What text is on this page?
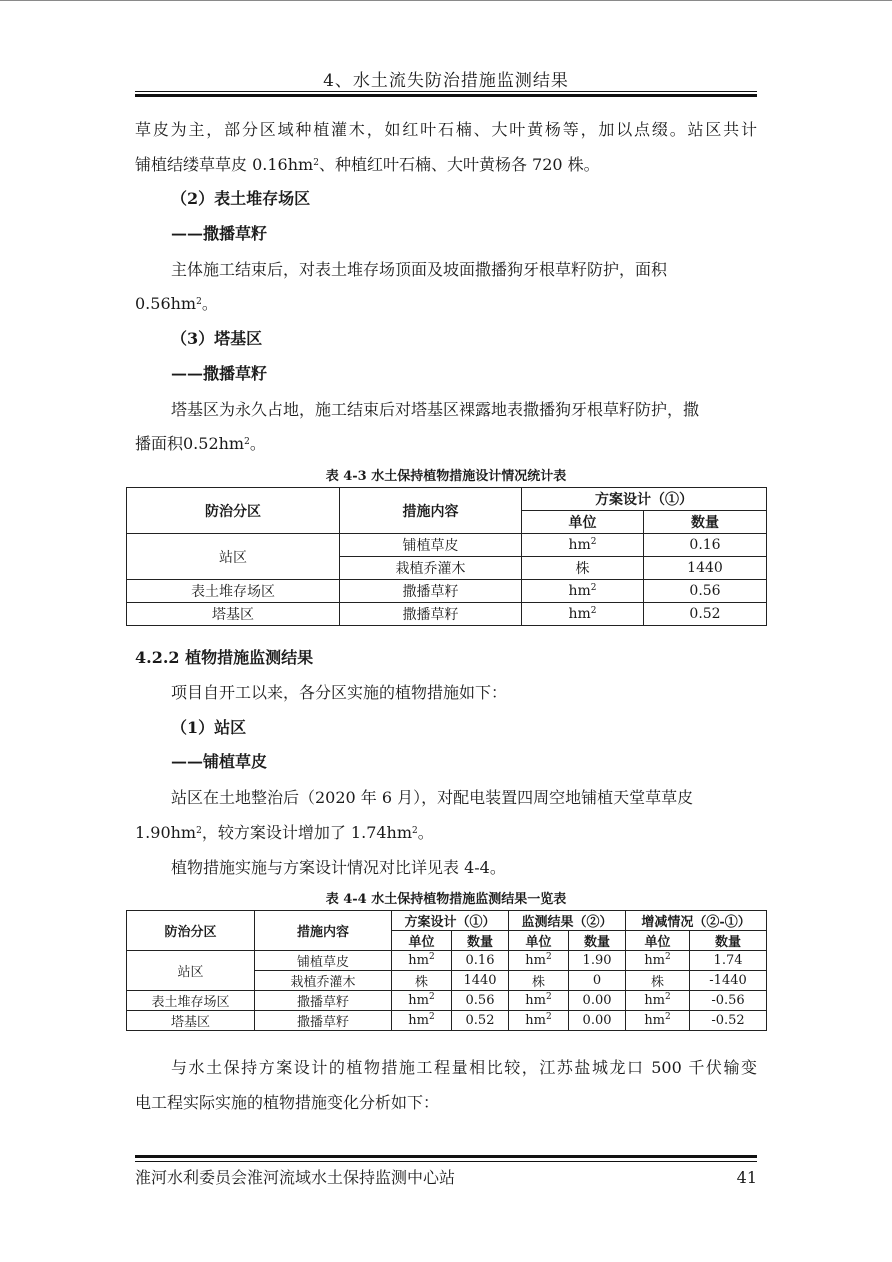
4、水土流失防治措施监测结果
草皮为主，部分区域种植灌木，如红叶石楠、大叶黄杨等，加以点缀。站区共计
铺植结缕草草皮 $0.16hm^2$、种植红叶石楠、大叶黄杨各 720 株。
（2）表土堆存场区
——撒播草籽
主体施工结束后，对表土堆存场顶面及坡面撒播狗牙根草籽防护，面积
$0.56hm^2$。
（3）塔基区
——撒播草籽
塔基区为永久占地，施工结束后对塔基区裸露地表撒播狗牙根草籽防护，撒
播面积$0.52hm^2$。
表 4-3 水土保持植物措施设计情况统计表
防治分区	措施内容	方案设计（①）	
		单位	数量
站区	铺植草皮	$hm^2$	0.16
	栽植乔灌木	株	1440
表土堆存场区	撒播草籽	$hm^2$	0.56
塔基区	撒播草籽	$hm^2$	0.52
4.2.2 植物措施监测结果
项目自开工以来，各分区实施的植物措施如下：
（1）站区
——铺植草皮
站区在土地整治后（2020 年 6 月），对配电装置四周空地铺植天堂草草皮
$1.90hm^2$，较方案设计增加了 $1.74hm^2$。
植物措施实施与方案设计情况对比详见表 4-4。
表 4-4 水土保持植物措施监测结果一览表
防治分区	措施内容	方案设计（①）		监测结果（②）		增减情况（②-①）	
		单位	数量	单位	数量	单位	数量
站区	铺植草皮	$hm^2$	0.16	$hm^2$	1.90	$hm^2$	1.74
	栽植乔灌木	株	1440	株	0	株	-1440
表土堆存场区	撒播草籽	$hm^2$	0.56	$hm^2$	0.00	$hm^2$	-0.56
塔基区	撒播草籽	$hm^2$	0.52	$hm^2$	0.00	$hm^2$	-0.52
与水土保持方案设计的植物措施工程量相比较，江苏盐城龙口 500 千伏输变
电工程实际实施的植物措施变化分析如下：
淮河水利委员会淮河流域水土保持监测中心站	41
